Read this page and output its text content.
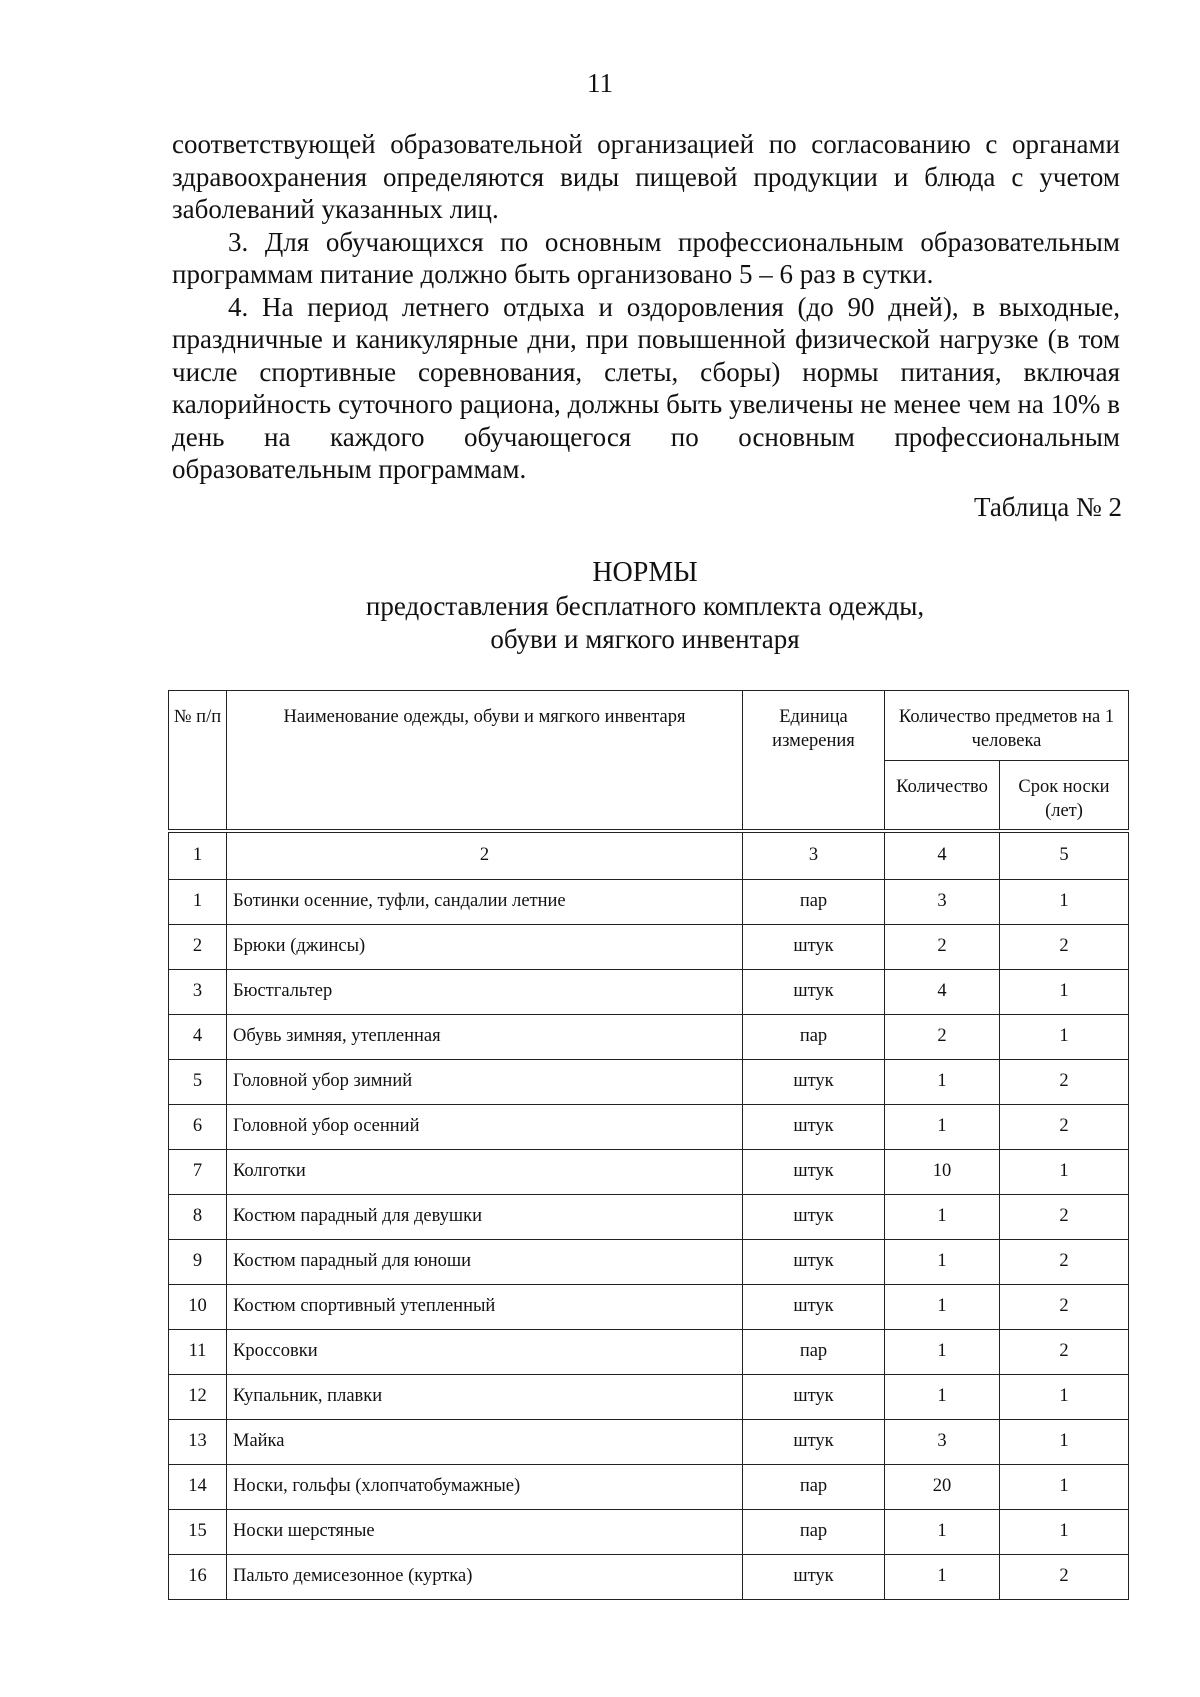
11

соответствующей образовательной организацией по согласованию с органами здравоохранения определяются виды пищевой продукции и блюда с учетом заболеваний указанных лиц.

3. Для обучающихся по основным профессиональным образовательным программам питание должно быть организовано 5 – 6 раз в сутки.

4. На период летнего отдыха и оздоровления (до 90 дней), в выходные, праздничные и каникулярные дни, при повышенной физической нагрузке (в том числе спортивные соревнования, слеты, сборы) нормы питания, включая калорийность суточного рациона, должны быть увеличены не менее чем на 10% в день на каждого обучающегося по основным профессиональным образовательным программам.

Таблица № 2
НОРМЫ
предоставления бесплатного комплекта одежды,
обуви и мягкого инвентаря
№ п/п	Наименование одежды, обуви и мягкого инвентаря	Единица измерения	Количество предметов на 1 человека	
			Количество	Срок носки (лет)
1	2	3	4	5
1	Ботинки осенние, туфли, сандалии летние	пар	3	1
2	Брюки (джинсы)	штук	2	2
3	Бюстгальтер	штук	4	1
4	Обувь зимняя, утепленная	пар	2	1
5	Головной убор зимний	штук	1	2
6	Головной убор осенний	штук	1	2
7	Колготки	штук	10	1
8	Костюм парадный для девушки	штук	1	2
9	Костюм парадный для юноши	штук	1	2
10	Костюм спортивный утепленный	штук	1	2
11	Кроссовки	пар	1	2
12	Купальник, плавки	штук	1	1
13	Майка	штук	3	1
14	Носки, гольфы (хлопчатобумажные)	пар	20	1
15	Носки шерстяные	пар	1	1
16	Пальто демисезонное (куртка)	штук	1	2
